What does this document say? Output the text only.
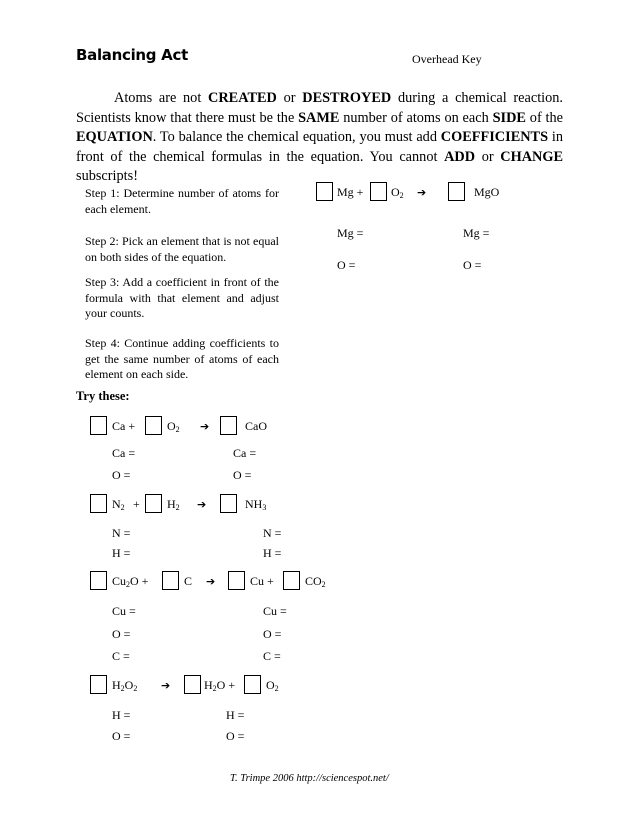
Balancing Act	Overhead Key

Atoms are not CREATED or DESTROYED during a chemical reaction. Scientists know that there must be the SAME number of atoms on each SIDE of the EQUATION. To balance the chemical equation, you must add COEFFICIENTS in front of the chemical formulas in the equation. You cannot ADD or CHANGE subscripts!

Step 1: Determine number of atoms for each element.

Step 2: Pick an element that is not equal on both sides of the equation.

Step 3: Add a coefficient in front of the formula with that element and adjust your counts.

Step 4: Continue adding coefficients to get the same number of atoms of each element on each side.

$Mg + O_2$ ➔	MgO
Mg =	Mg =
O =	O =
Try these:
Ca +	$O_2$ ➔	CaO
Ca =	Ca =
O =	O =
$N_2 + H_2$ ➔	$NH_3$
N =	N =
H =	H =
$Cu_2O$ +	C ➔	Cu +	$CO_2$
Cu =	Cu =
O =	O =
C =	C =
$H_2O_2$ ➔	$H_2O$ +	$O_2$
H =	H =
O =	O =
T. Trimpe 2006 http://sciencespot.net/
